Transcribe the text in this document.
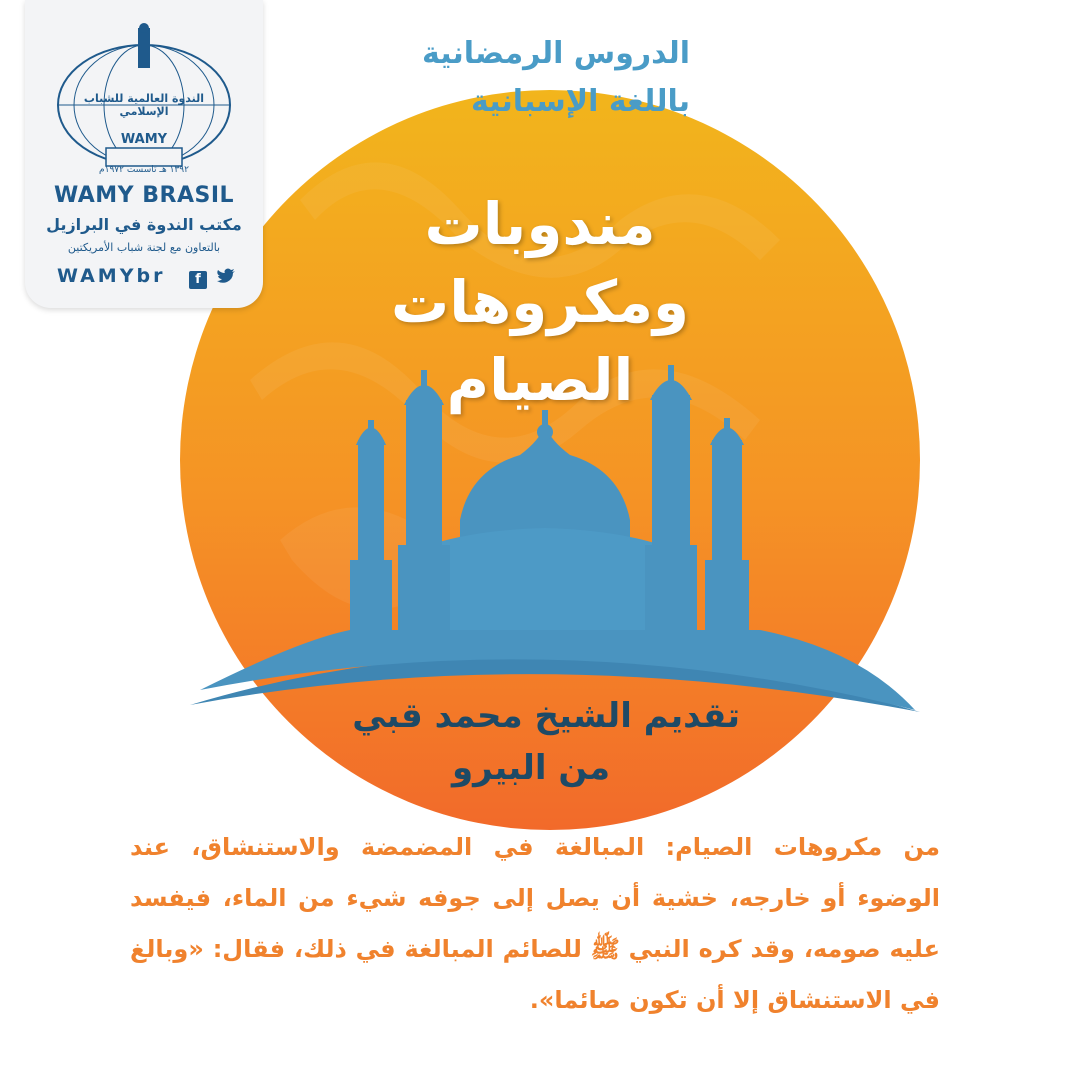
الندوة العالمية للشباب الإسلامي
WAMY
١٣٩٢ هـ تاسست ١٩٧٢م
WAMY BRASIL
مكتب الندوة في البرازيل
بالتعاون مع لجنة شباب الأمريكتين
WAMYbr	f
الدروس الرمضانية
باللغة الإسبانية
مندوبات
ومكروهات
الصيام
تقديم الشيخ محمد قبي
من البيرو
من مكروهات الصيام: المبالغة في المضمضة والاستنشاق، عند الوضوء أو خارجه، خشية أن يصل إلى جوفه شيء من الماء، فيفسد عليه صومه، وقد كره النبي ﷺ للصائم المبالغة في ذلك، فقال: «وبالغ في الاستنشاق إلا أن تكون صائما».
